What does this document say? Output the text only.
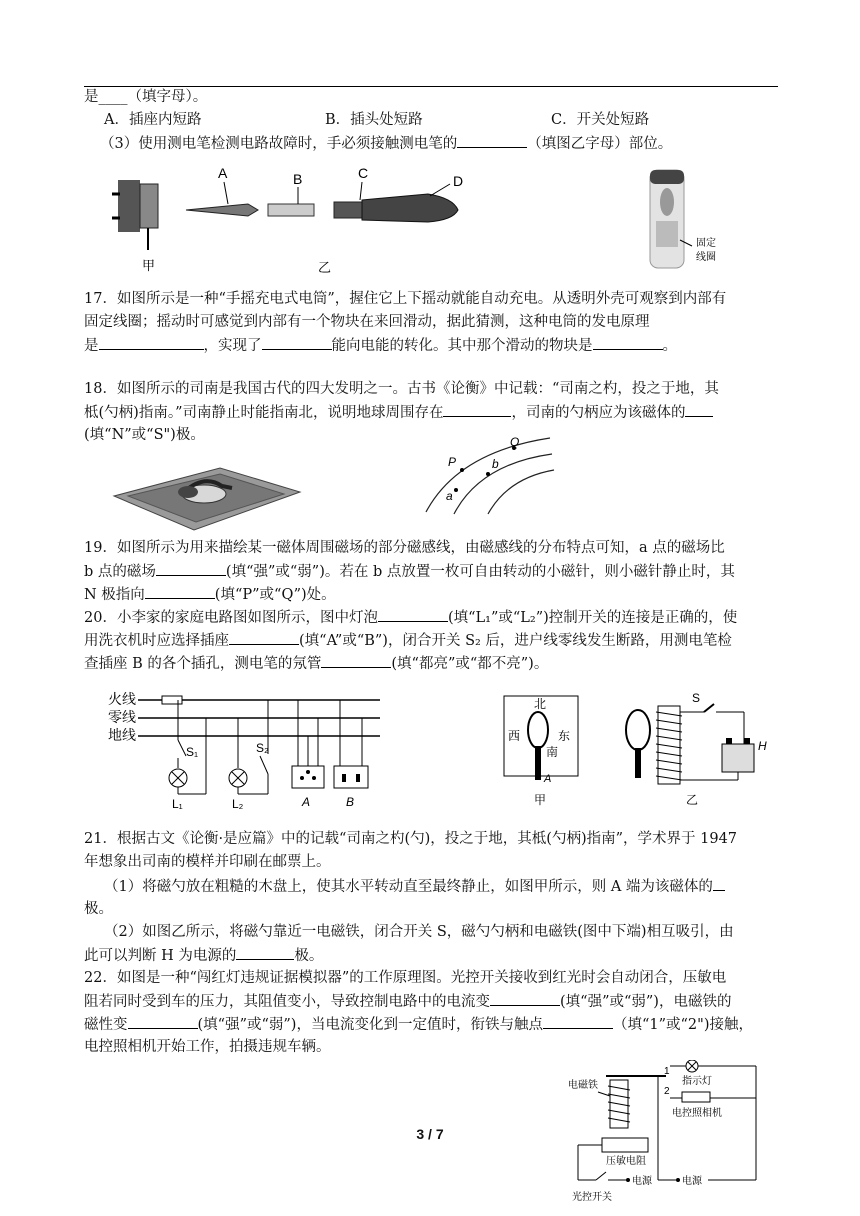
是____（填字母）。

A．插座内短路	B．插头处短路	C．开关处短路

（3）使用测电笔检测电路故障时，手必须接触测电笔的	（填图乙字母）部位。

甲
A	B	C	D
乙
固定
线圈

17．如图所示是一种“手摇充电式电筒”，握住它上下摇动就能自动充电。从透明外壳可观察到内部有

固定线圈；摇动时可感觉到内部有一个物块在来回滑动，据此猜测，这种电筒的发电原理

是	，实现了	能向电能的转化。其中那个滑动的物块是	。

18．如图所示的司南是我国古代的四大发明之一。古书《论衡》中记载：“司南之杓，投之于地，其

柢(勺柄)指南。”司南静止时能指南北，说明地球周围存在	，司南的勺柄应为该磁体的

(填“N”或“S")极。	Q
P	b
a

19．如图所示为用来描绘某一磁体周围磁场的部分磁感线，由磁感线的分布特点可知，a 点的磁场比

b 点的磁场	(填“强”或“弱”)。若在 b 点放置一枚可自由转动的小磁针，则小磁针静止时，其

N 极指向	(填“P”或“Q”)处。

20．小李家的家庭电路图如图所示，图中灯泡	(填“L₁”或“L₂”)控制开关的连接是正确的，使

用洗衣机时应选择插座	(填“A”或“B”)，闭合开关 S₂ 后，进户线零线发生断路，用测电笔检

查插座 B 的各个插孔，测电笔的氖管	(填“都亮”或“都不亮”)。

火线
零线
地线
S₁
L₁
S₂
L₂	A	B
北
西	东
南
A
甲
S
H
乙

21．根据古文《论衡·是应篇》中的记载“司南之杓(勺)，投之于地，其柢(勺柄)指南”，学术界于 1947

年想象出司南的模样并印刷在邮票上。

（1）将磁勺放在粗糙的木盘上，使其水平转动直至最终静止，如图甲所示，则 A 端为该磁体的

极。

（2）如图乙所示，将磁勺靠近一电磁铁，闭合开关 S，磁勺勺柄和电磁铁(图中下端)相互吸引，由

此可以判断 H 为电源的	极。

22．如图是一种“闯红灯违规证据模拟器”的工作原理图。光控开关接收到红光时会自动闭合，压敏电

阻若同时受到车的压力，其阻值变小，导致控制电路中的电流变	(填“强”或“弱”)，电磁铁的

磁性变	(填“强”或“弱”)，当电流变化到一定值时，衔铁与触点	（填“1”或“2")接触，

电控照相机开始工作，拍摄违规车辆。

电磁铁
1
2
指示灯
电控照相机
压敏电阻
电源
光控开关
电源
3 / 7
